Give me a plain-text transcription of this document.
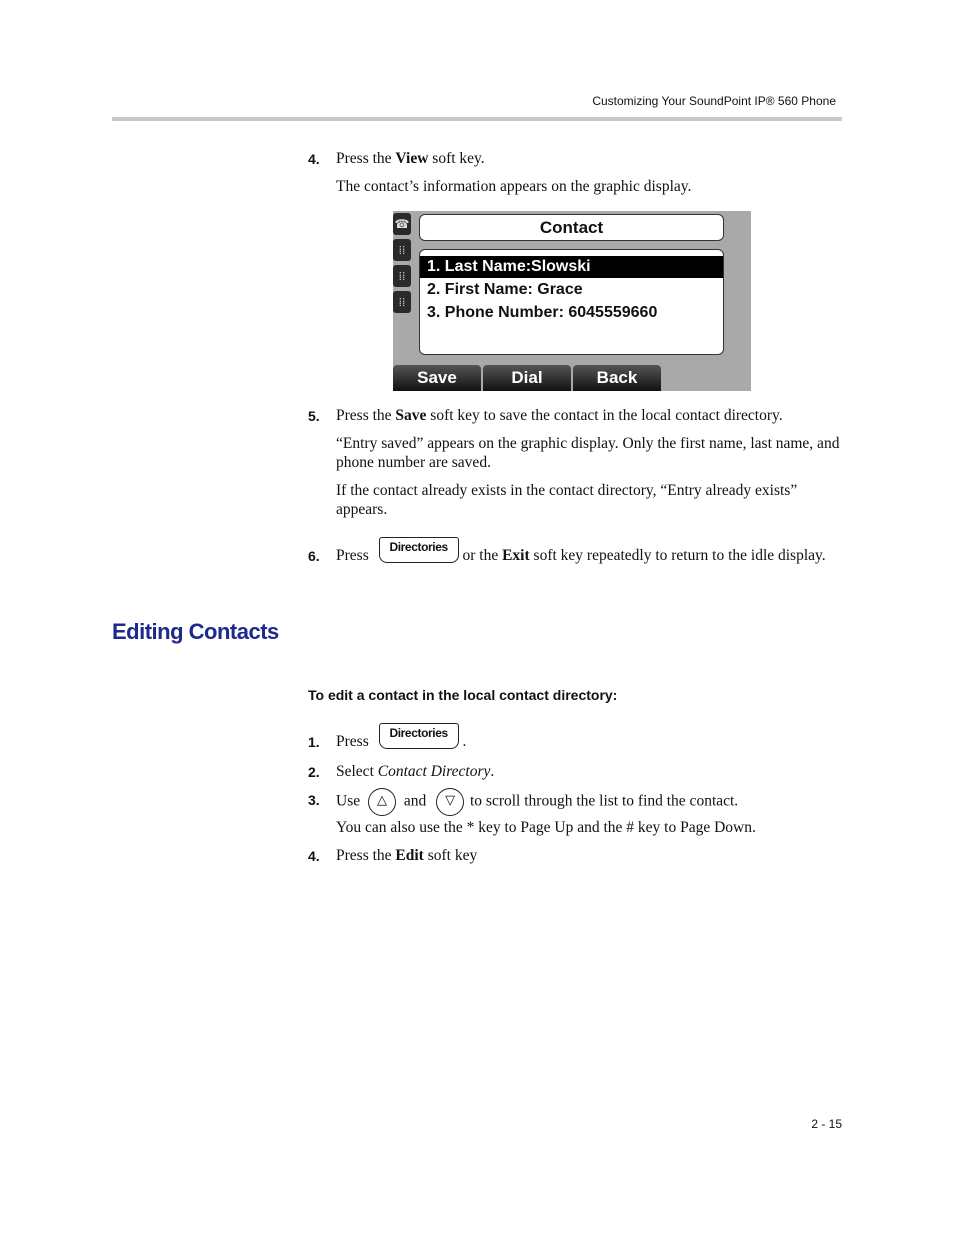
Customizing Your SoundPoint IP® 560 Phone
4. Press the View soft key.
The contact’s information appears on the graphic display.
☎
⁞⁞
⁞⁞
⁞⁞
Contact
1. Last Name:Slowski
2. First Name: Grace
3. Phone Number: 6045559660
Save	Dial	Back
5. Press the Save soft key to save the contact in the local contact directory.
“Entry saved” appears on the graphic display. Only the first name, last name, and phone number are saved.
If the contact already exists in the contact directory, “Entry already exists” appears.
6. Press Directories or the Exit soft key repeatedly to return to the idle display.
Editing Contacts
To edit a contact in the local contact directory:
1. Press Directories .
2. Select Contact Directory.
3. Use △ and ▽ to scroll through the list to find the contact.
You can also use the * key to Page Up and the # key to Page Down.
4. Press the Edit soft key
2 - 15
